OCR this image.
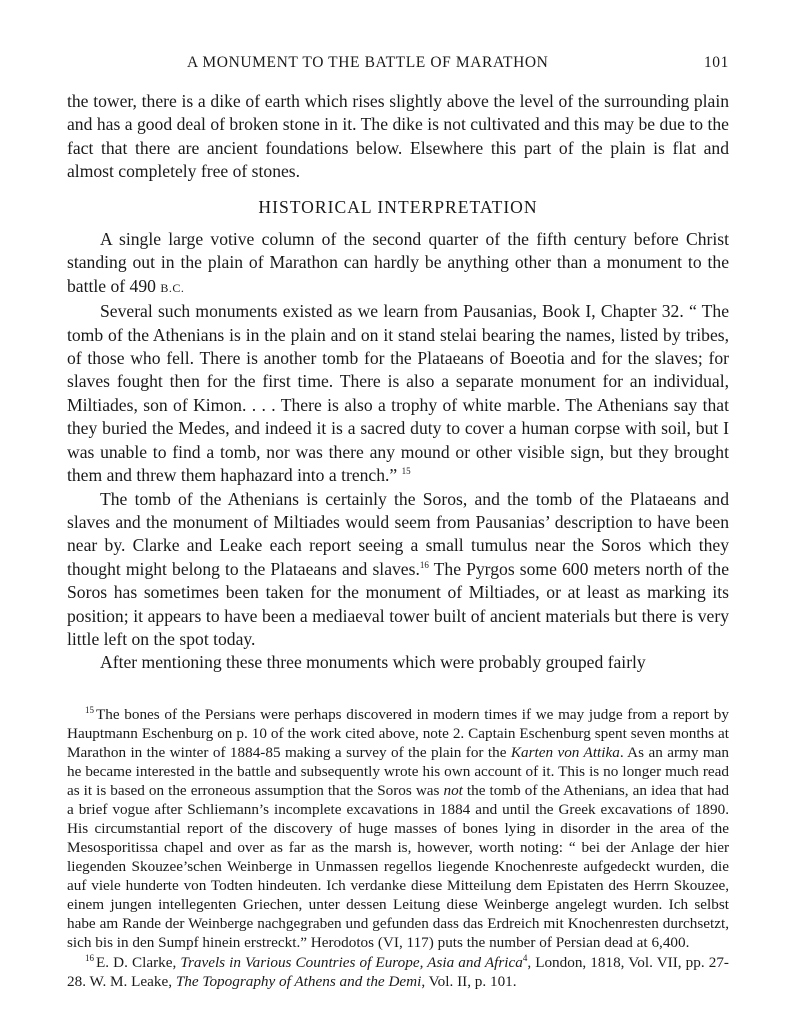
A MONUMENT TO THE BATTLE OF MARATHON	101

the tower, there is a dike of earth which rises slightly above the level of the surrounding plain and has a good deal of broken stone in it. The dike is not cultivated and this may be due to the fact that there are ancient foundations below. Elsewhere this part of the plain is flat and almost completely free of stones.

HISTORICAL INTERPRETATION

A single large votive column of the second quarter of the fifth century before Christ standing out in the plain of Marathon can hardly be anything other than a monument to the battle of 490 B.C.

Several such monuments existed as we learn from Pausanias, Book I, Chapter 32. “ The tomb of the Athenians is in the plain and on it stand stelai bearing the names, listed by tribes, of those who fell. There is another tomb for the Plataeans of Boeotia and for the slaves; for slaves fought then for the first time. There is also a separate monument for an individual, Miltiades, son of Kimon. . . . There is also a trophy of white marble. The Athenians say that they buried the Medes, and indeed it is a sacred duty to cover a human corpse with soil, but I was unable to find a tomb, nor was there any mound or other visible sign, but they brought them and threw them haphazard into a trench.” $^{15}$

The tomb of the Athenians is certainly the Soros, and the tomb of the Plataeans and slaves and the monument of Miltiades would seem from Pausanias’ description to have been near by. Clarke and Leake each report seeing a small tumulus near the Soros which they thought might belong to the Plataeans and slaves.$^{16}$ The Pyrgos some 600 meters north of the Soros has sometimes been taken for the monument of Miltiades, or at least as marking its position; it appears to have been a mediaeval tower built of ancient materials but there is very little left on the spot today.

After mentioning these three monuments which were probably grouped fairly

$^{15}$ The bones of the Persians were perhaps discovered in modern times if we may judge from a report by Hauptmann Eschenburg on p. 10 of the work cited above, note 2. Captain Eschenburg spent seven months at Marathon in the winter of 1884-85 making a survey of the plain for the Karten von Attika. As an army man he became interested in the battle and subsequently wrote his own account of it. This is no longer much read as it is based on the erroneous assumption that the Soros was not the tomb of the Athenians, an idea that had a brief vogue after Schliemann’s incomplete excavations in 1884 and until the Greek excavations of 1890. His circumstantial report of the discovery of huge masses of bones lying in disorder in the area of the Mesosporitissa chapel and over as far as the marsh is, however, worth noting: “ bei der Anlage der hier liegenden Skouzee’schen Weinberge in Unmassen regellos liegende Knochenreste aufgedeckt wurden, die auf viele hunderte von Todten hindeuten. Ich verdanke diese Mitteilung dem Epistaten des Herrn Skouzee, einem jungen intellegenten Griechen, unter dessen Leitung diese Weinberge angelegt wurden. Ich selbst habe am Rande der Weinberge nachgegraben und gefunden dass das Erdreich mit Knochenresten durchsetzt, sich bis in den Sumpf hinein erstreckt.” Herodotos (VI, 117) puts the number of Persian dead at 6,400.

$^{16}$ E. D. Clarke, Travels in Various Countries of Europe, Asia and Africa$^4$, London, 1818, Vol. VII, pp. 27-28. W. M. Leake, The Topography of Athens and the Demi, Vol. II, p. 101.
